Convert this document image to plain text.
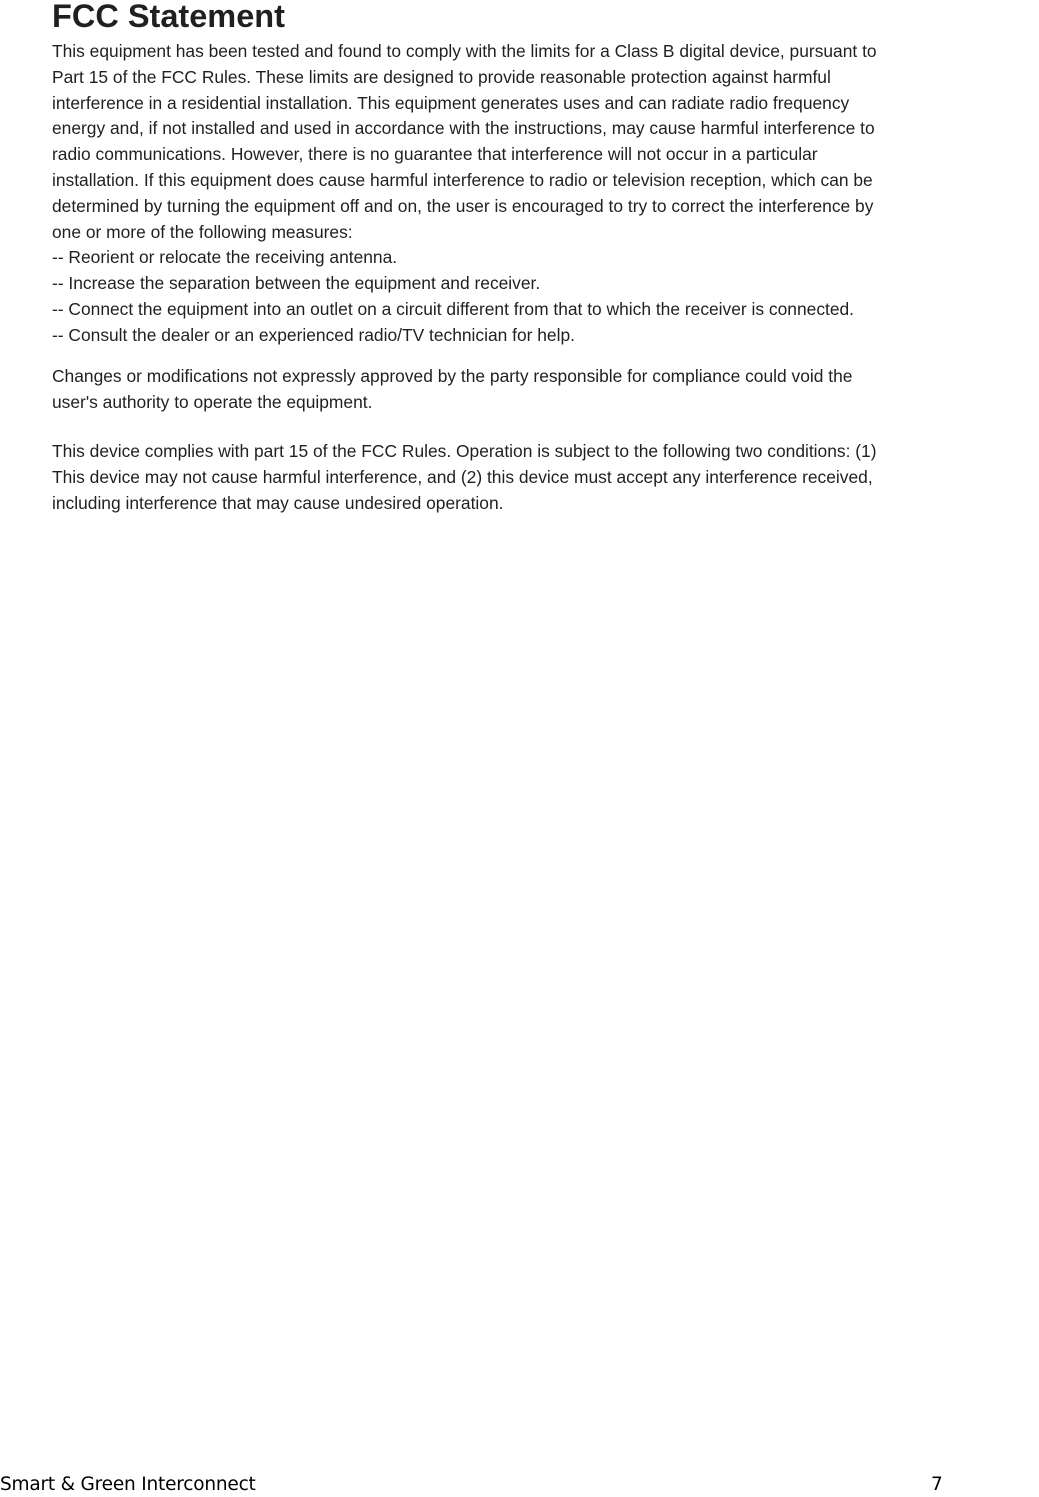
FCC Statement
This equipment has been tested and found to comply with the limits for a Class B digital device, pursuant to
Part 15 of the FCC Rules. These limits are designed to provide reasonable protection against harmful
interference in a residential installation. This equipment generates uses and can radiate radio frequency
energy and, if not installed and used in accordance with the instructions, may cause harmful interference to
radio communications. However, there is no guarantee that interference will not occur in a particular
installation. If this equipment does cause harmful interference to radio or television reception, which can be
determined by turning the equipment off and on, the user is encouraged to try to correct the interference by
one or more of the following measures:
-- Reorient or relocate the receiving antenna.
-- Increase the separation between the equipment and receiver.
-- Connect the equipment into an outlet on a circuit different from that to which the receiver is connected.
-- Consult the dealer or an experienced radio/TV technician for help.
Changes or modifications not expressly approved by the party responsible for compliance could void the
user's authority to operate the equipment.
This device complies with part 15 of the FCC Rules. Operation is subject to the following two conditions: (1)
This device may not cause harmful interference, and (2) this device must accept any interference received,
including interference that may cause undesired operation.
Smart & Green Interconnect	7
